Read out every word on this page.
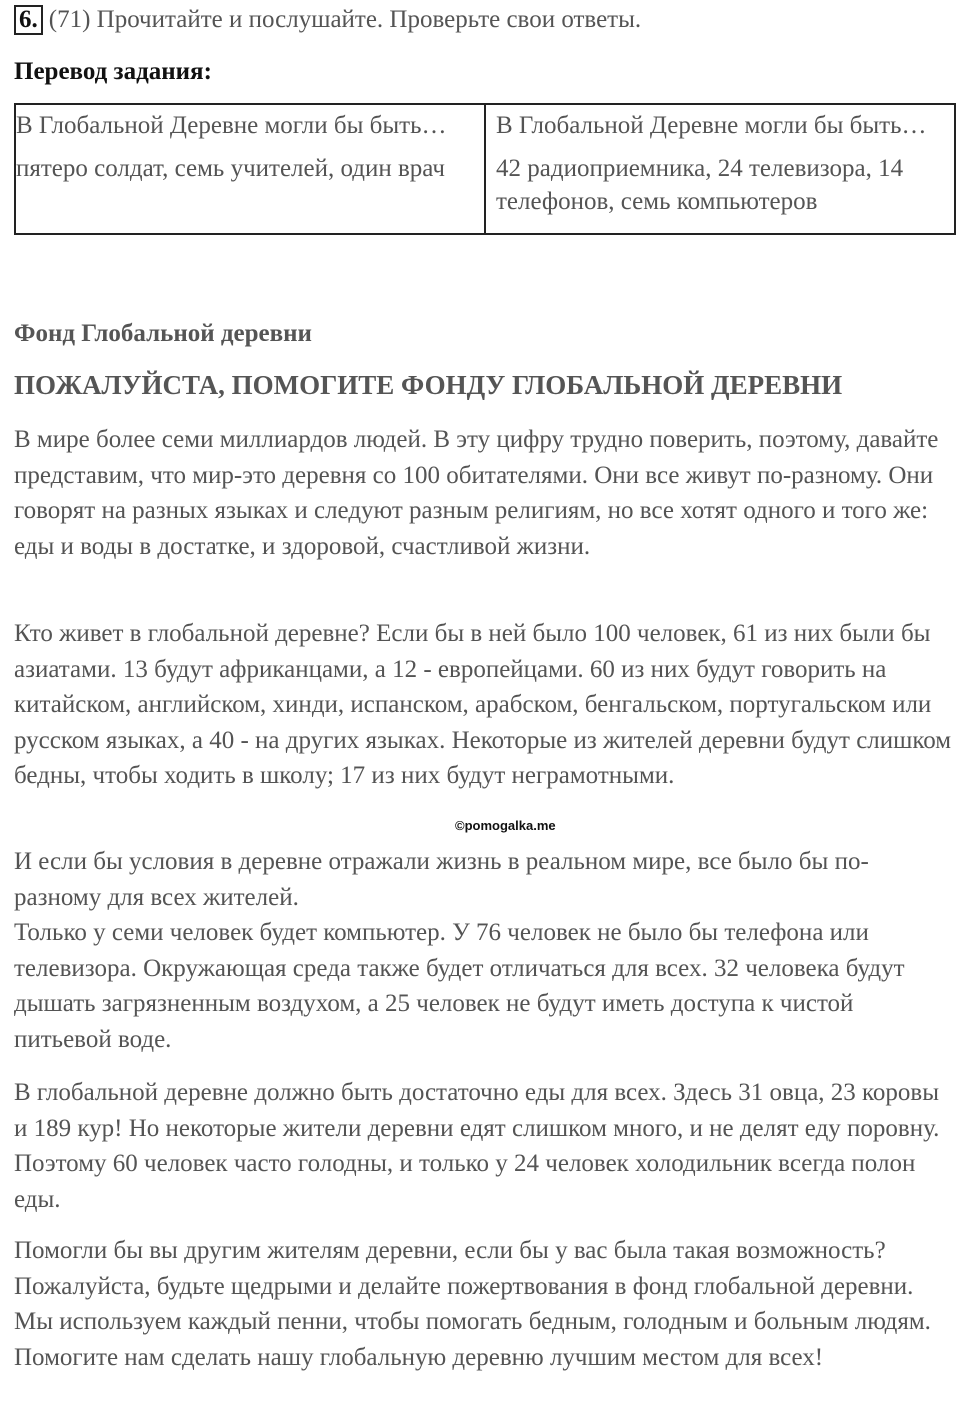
6. (71) Прочитайте и послушайте. Проверьте свои ответы.
Перевод задания:
В Глобальной Деревне могли бы быть…	В Глобальной Деревне могли бы быть…
пятеро солдат, семь учителей, один врач	42 радиоприемника, 24 телевизора, 14 телефонов, семь компьютеров
Фонд Глобальной деревни
ПОЖАЛУЙСТА, ПОМОГИТЕ ФОНДУ ГЛОБАЛЬНОЙ ДЕРЕВНИ

В мире более семи миллиардов людей. В эту цифру трудно поверить, поэтому, давайте представим, что мир-это деревня со 100 обитателями. Они все живут по-разному. Они говорят на разных языках и следуют разным религиям, но все хотят одного и того же: еды и воды в достатке, и здоровой, счастливой жизни.

Кто живет в глобальной деревне? Если бы в ней было 100 человек, 61 из них были бы азиатами. 13 будут африканцами, а 12 - европейцами. 60 из них будут говорить на китайском, английском, хинди, испанском, арабском, бенгальском, португальском или русском языках, а 40 - на других языках. Некоторые из жителей деревни будут слишком бедны, чтобы ходить в школу; 17 из них будут неграмотными.

И если бы условия в деревне отражали жизнь в реальном мире, все было бы по-разному для всех жителей.

Только у семи человек будет компьютер. У 76 человек не было бы телефона или телевизора. Окружающая среда также будет отличаться для всех. 32 человека будут дышать загрязненным воздухом, а 25 человек не будут иметь доступа к чистой питьевой воде.

В глобальной деревне должно быть достаточно еды для всех. Здесь 31 овца, 23 коровы и 189 кур! Но некоторые жители деревни едят слишком много, и не делят еду поровну. Поэтому 60 человек часто голодны, и только у 24 человек холодильник всегда полон еды.

Помогли бы вы другим жителям деревни, если бы у вас была такая возможность? Пожалуйста, будьте щедрыми и делайте пожертвования в фонд глобальной деревни. Мы используем каждый пенни, чтобы помогать бедным, голодным и больным людям. Помогите нам сделать нашу глобальную деревню лучшим местом для всех!

©pomogalka.me
